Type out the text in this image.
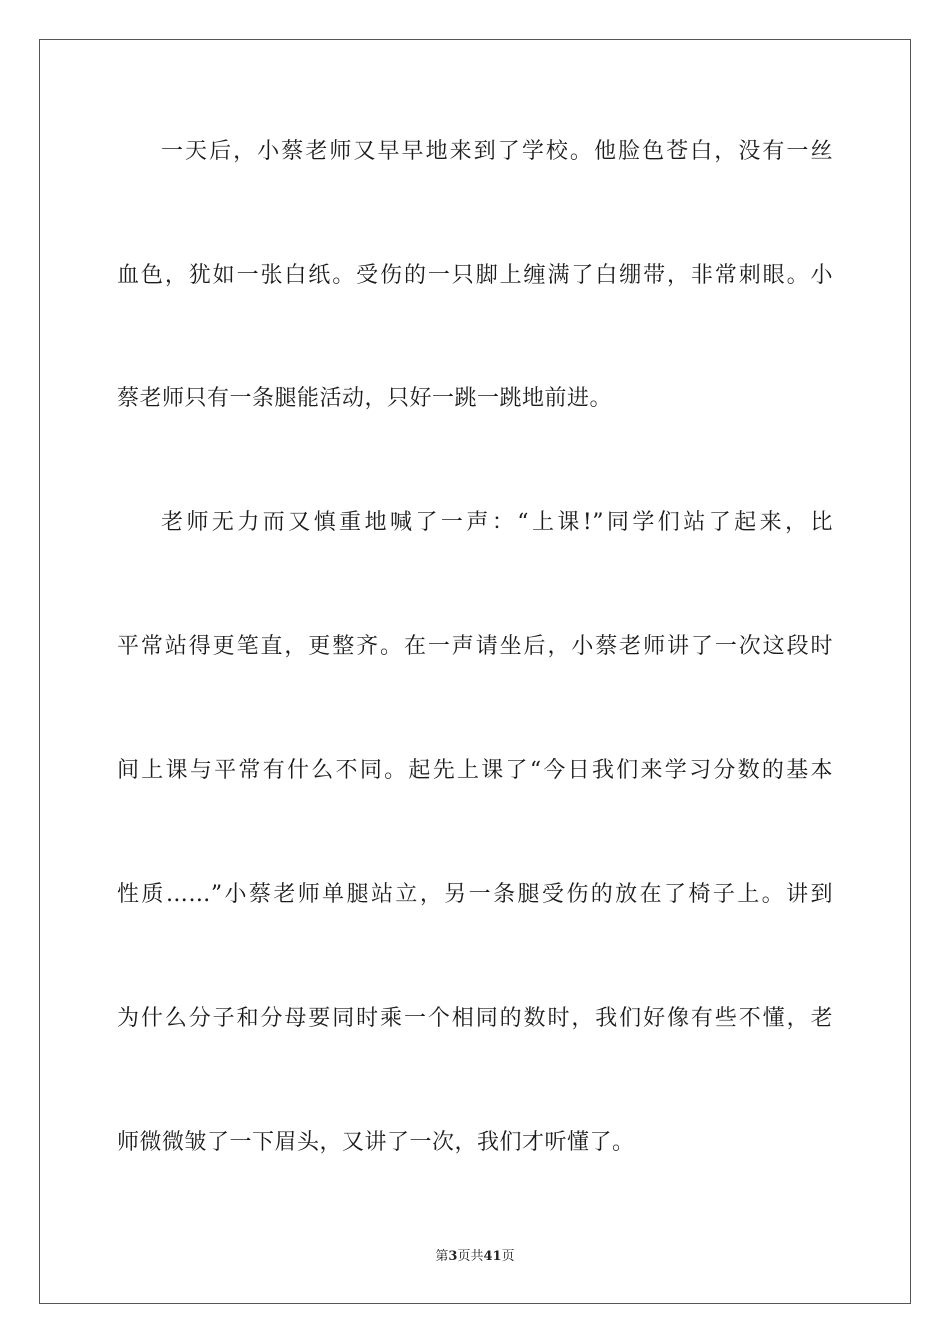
一天后，小蔡老师又早早地来到了学校。他脸色苍白，没有一丝
血色，犹如一张白纸。受伤的一只脚上缠满了白绷带，非常刺眼。小
蔡老师只有一条腿能活动，只好一跳一跳地前进。
老师无力而又慎重地喊了一声：“上课!”同学们站了起来，比
平常站得更笔直，更整齐。在一声请坐后，小蔡老师讲了一次这段时
间上课与平常有什么不同。起先上课了“今日我们来学习分数的基本
性质……”小蔡老师单腿站立，另一条腿受伤的放在了椅子上。讲到
为什么分子和分母要同时乘一个相同的数时，我们好像有些不懂，老
师微微皱了一下眉头，又讲了一次，我们才听懂了。
第3页共41页
